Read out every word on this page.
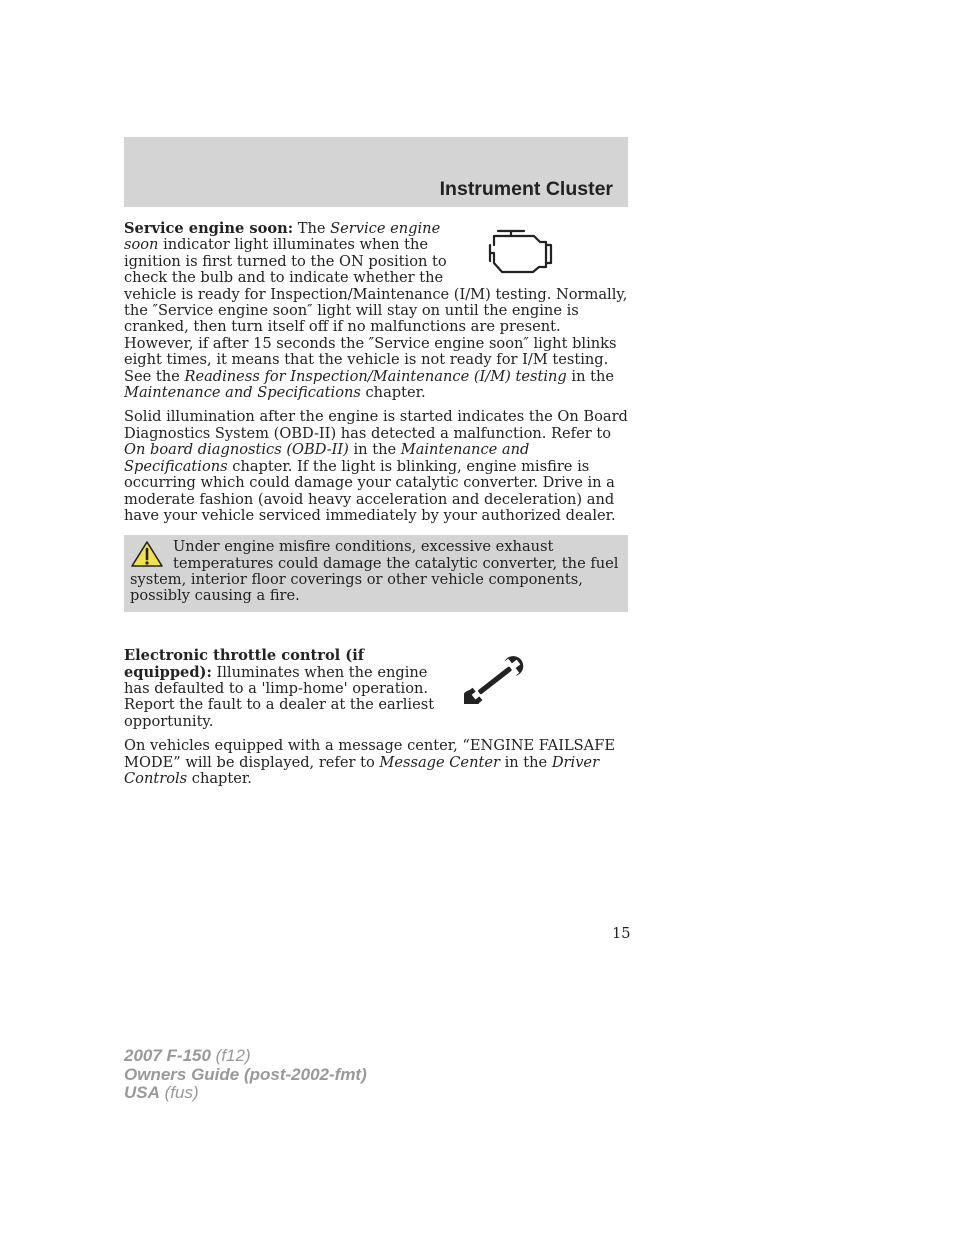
Instrument Cluster

Service engine soon: The Service engine soon indicator light illuminates when the ignition is first turned to the ON position to check the bulb and to indicate whether the vehicle is ready for Inspection/Maintenance (I/M) testing. Normally, the ″Service engine soon″ light will stay on until the engine is cranked, then turn itself off if no malfunctions are present. However, if after 15 seconds the ″Service engine soon″ light blinks eight times, it means that the vehicle is not ready for I/M testing. See the Readiness for Inspection/Maintenance (I/M) testing in the Maintenance and Specifications chapter.

Solid illumination after the engine is started indicates the On Board Diagnostics System (OBD-II) has detected a malfunction. Refer to On board diagnostics (OBD-II) in the Maintenance and Specifications chapter. If the light is blinking, engine misfire is occurring which could damage your catalytic converter. Drive in a moderate fashion (avoid heavy acceleration and deceleration) and have your vehicle serviced immediately by your authorized dealer.

Under engine misfire conditions, excessive exhaust temperatures could damage the catalytic converter, the fuel system, interior floor coverings or other vehicle components, possibly causing a fire.

Electronic throttle control (if equipped): Illuminates when the engine has defaulted to a 'limp-home' operation. Report the fault to a dealer at the earliest opportunity.

On vehicles equipped with a message center, “ENGINE FAILSAFE MODE” will be displayed, refer to Message Center in the Driver Controls chapter.

15
2007 F-150 (f12)
Owners Guide (post-2002-fmt)
USA (fus)
